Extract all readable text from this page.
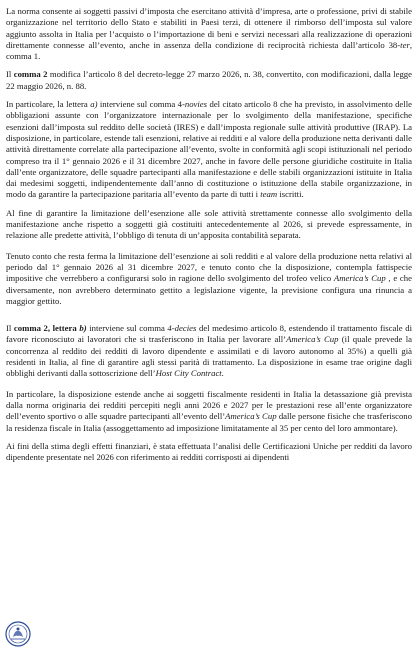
La norma consente ai soggetti passivi d’imposta che esercitano attività d’impresa, arte o professione, privi di stabile organizzazione nel territorio dello Stato e stabiliti in Paesi terzi, di ottenere il rimborso dell’imposta sul valore aggiunto assolta in Italia per l’acquisto o l’importazione di beni e servizi necessari alla realizzazione di operazioni direttamente connesse all’evento, anche in assenza della condizione di reciprocità richiesta dall’articolo 38-ter, comma 1.

Il comma 2 modifica l’articolo 8 del decreto-legge 27 marzo 2026, n. 38, convertito, con modificazioni, dalla legge 22 maggio 2026, n. 88.

In particolare, la lettera a) interviene sul comma 4-novies del citato articolo 8 che ha previsto, in assolvimento delle obbligazioni assunte con l’organizzatore internazionale per lo svolgimento della manifestazione, specifiche esenzioni dall’imposta sul reddito delle società (IRES) e dall’imposta regionale sulle attività produttive (IRAP). La disposizione, in particolare, estende tali esenzioni, relative ai redditi e al valore della produzione netta derivanti dalle attività direttamente correlate alla partecipazione all’evento, svolte in conformità agli scopi istituzionali nel periodo compreso tra il 1° gennaio 2026 e il 31 dicembre 2027, anche in favore delle persone giuridiche costituite in Italia dall’ente organizzatore, delle squadre partecipanti alla manifestazione e delle stabili organizzazioni istituite in Italia dai medesimi soggetti, indipendentemente dall’anno di costituzione o istituzione della stabile organizzazione, in modo da garantire la partecipazione paritaria all’evento da parte di tutti i team iscritti.

Al fine di garantire la limitazione dell’esenzione alle sole attività strettamente connesse allo svolgimento della manifestazione anche rispetto a soggetti già costituiti antecedentemente al 2026, si prevede espressamente, in relazione alle predette attività, l’obbligo di tenuta di un’apposita contabilità separata.

Tenuto conto che resta ferma la limitazione dell’esenzione ai soli redditi e al valore della produzione netta relativi al periodo dal 1° gennaio 2026 al 31 dicembre 2027, e tenuto conto che la disposizione, contempla fattispecie impositive che verrebbero a configurarsi solo in ragione dello svolgimento del trofeo velico America’s Cup , e che diversamente, non avrebbero determinato gettito a legislazione vigente, la previsione configura una rinuncia a maggior gettito.

Il comma 2, lettera b) interviene sul comma 4-decies del medesimo articolo 8, estendendo il trattamento fiscale di favore riconosciuto ai lavoratori che si trasferiscono in Italia per lavorare all’America’s Cup (il quale prevede la concorrenza al reddito dei redditi di lavoro dipendente e assimilati e di lavoro autonomo al 35%) a quelli già residenti in Italia, al fine di garantire agli stessi parità di trattamento. La disposizione in esame trae origine dagli obblighi derivanti dalla sottoscrizione dell’Host City Contract.

In particolare, la disposizione estende anche ai soggetti fiscalmente residenti in Italia la detassazione già prevista dalla norma originaria dei redditi percepiti negli anni 2026 e 2027 per le prestazioni rese all’ente organizzatore dell’evento sportivo o alle squadre partecipanti all’evento dell’America’s Cup dalle persone fisiche che trasferiscono la residenza fiscale in Italia (assoggettamento ad imposizione limitatamente al 35 per cento del loro ammontare).

Ai fini della stima degli effetti finanziari, è stata effettuata l’analisi delle Certificazioni Uniche per redditi da lavoro dipendente presentate nel 2026 con riferimento ai redditi corrisposti ai dipendenti
